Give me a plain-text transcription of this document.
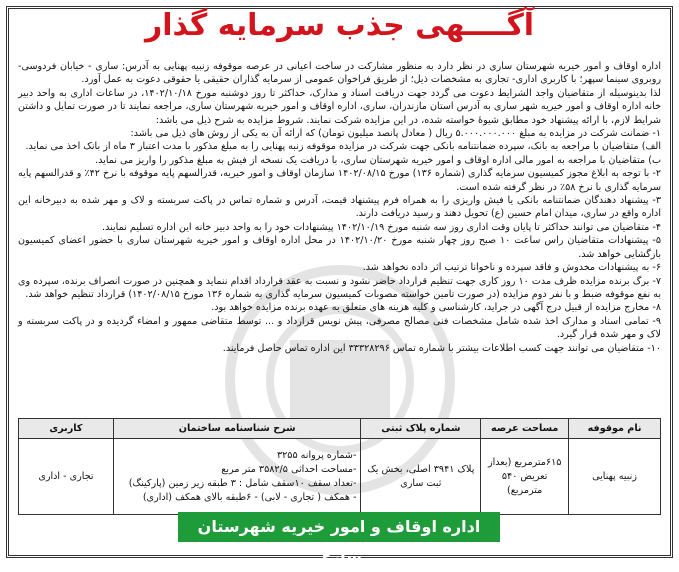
آگــــهی جذب سرمایه گذار

اداره اوقاف و امور خیریه شهرستان ساری در نظر دارد به منظور مشارکت در ساخت اعیانی در عرصه موقوفه زنبیه پهنایی به آدرس: ساری - خیابان فردوسی- روبروی سینما سپهر؛ با کاربری اداری- تجاری به مشخصات ذیل؛ از طریق فراخوان عمومی از سرمایه گذاران حقیقی یا حقوقی دعوت به عمل آورد.

لذا بدینوسیله از متقاضیان واجد الشرایط دعوت می گردد جهت دریافت اسناد و مدارک، حداکثر تا روز دوشنبه مورخ ۱۴۰۲/۱۰/۱۸، در ساعات اداری به واحد دبیر خانه اداره اوقاف و امور خیریه شهر ساری به آدرس استان مازندران، ساری، اداره اوقاف و امور خیریه شهرستان ساری، مراجعه نمایند تا در صورت تمایل و داشتن شرایط لازم، با ارائه پیشنهاد خود مطابق شیوۀ خواسته شده، در این مزایده شرکت نمایند. شروط مزایده به شرح ذیل می باشد:

۱- ضمانت شرکت در مزایده به مبلغ ۵.۰۰۰.۰۰۰.۰۰۰ ریال ( معادل پانصد میلیون تومان) که ارائه آن به یکی از روش های ذیل می باشد:

الف) متقاضیان با مراجعه به بانک، سپرده ضمانتنامه بانکی جهت شرکت در مزایده موقوفه زنبه پهنایی را به مبلغ مذکور با مدت اعتبار ۳ ماه از بانک اخذ می نماید.

ب) متقاضیان با مراجعه به امور مالی اداره اوقاف و امور خیریه شهرستان ساری، با دریافت یک نسخه از فیش به مبلغ مذکور را واریز می نماید.

۲- با توجه به ابلاغ مجوز کمیسیون سرمایه گذاری (شماره ۱۳۶) مورخ ۱۴۰۲/۰۸/۱۵ سازمان اوقاف و امور خیریه، قدرالسهم پایه موقوفه با نرخ ۴۲٪ و قدرالسهم پایه سرمایه گذاری با نرخ ۵۸٪ در نظر گرفته شده است.

۳- پیشنهاد دهندگان ضمانتنامه بانکی یا فیش واریزی را به همراه فرم پیشنهاد قیمت، آدرس و شماره تماس در پاکت سربسته و لاک و مهر شده به دبیرخانه این اداره واقع در ساری، میدان امام حسین (ع) تحویل دهند و رسید دریافت دارند.

۴- متقاضیان می توانند حداکثر تا پایان وقت اداری روز سه شنبه مورخ ۱۴۰۲/۱۰/۱۹ پیشنهادات خود را به واحد دبیر خانه این اداره تسلیم نمایند.

۵- پیشنهادات متقاضیان راس ساعت ۱۰ صبح روز چهار شنبه مورخ ۱۴۰۲/۱۰/۲۰ در محل اداره اوقاف و امور خیریه شهرستان ساری با حضور اعضای کمیسیون بازگشایی خواهد شد.

۶- به پیشنهادات مخدوش و فاقد سپرده و ناخوانا ترتیب اثر داده نخواهد شد.

۷- برگ برنده مزایده ظرف مدت ۱۰ روز کاری جهت تنظیم قرارداد حاضر نشود و نسبت به عقد قرارداد اقدام ننماید و همچنین در صورت انصراف برنده، سپرده وی به نفع موقوفه ضبط و با نفر دوم مزایده (در صورت تامین خواسته مصوبات کمیسیون سرمایه گذاری به شماره ۱۳۶ مورخ ۱۴۰۲/۰۸/۱۵) قرارداد تنظیم خواهد شد.

۸- مخارج مزایده از قبیل درج آگهی در جراید، کارشناسی و کلیه هزینه های متعلق به عهده برنده مزایده خواهد بود.

۹- تمامی اسناد و مدارک اخذ شده شامل مشخصات فنی مصالح مصرفی، پیش نویس قرارداد و ... توسط متقاضی ممهور و امضاء گردیده و در پاکت سربسته و لاک و مهر شده قرار گیرد.

۱۰- متقاضیان می توانند جهت کسب اطلاعات بیشتر با شماره تماس ۳۳۳۲۸۲۹۶ این اداره تماس حاصل فرمایند.

نام موقوفه	مساحت عرصه	شماره پلاک ثبتی	شرح شناسنامه ساختمان	کاربری
زنبیه پهنایی	۶۱۵مترمربع (بعداز تعریض ۵۴۰ مترمربع)	پلاک ۳۹۴۱ اصلی، بخش یک ثبت ساری	-شماره پروانه ۳۲۵۵
-مساحت احداثی ۳۵۸۲/۵ متر مربع
-تعداد سقف ۱۰سقف شامل : ۳ طبقه زیر زمین (پارکینگ)
- همکف ( تجاری - لابی) - ۶طبقه بالای همکف (اداری)	تجاری - اداری
اداره اوقاف و امور خیریه شهرستان ساری
